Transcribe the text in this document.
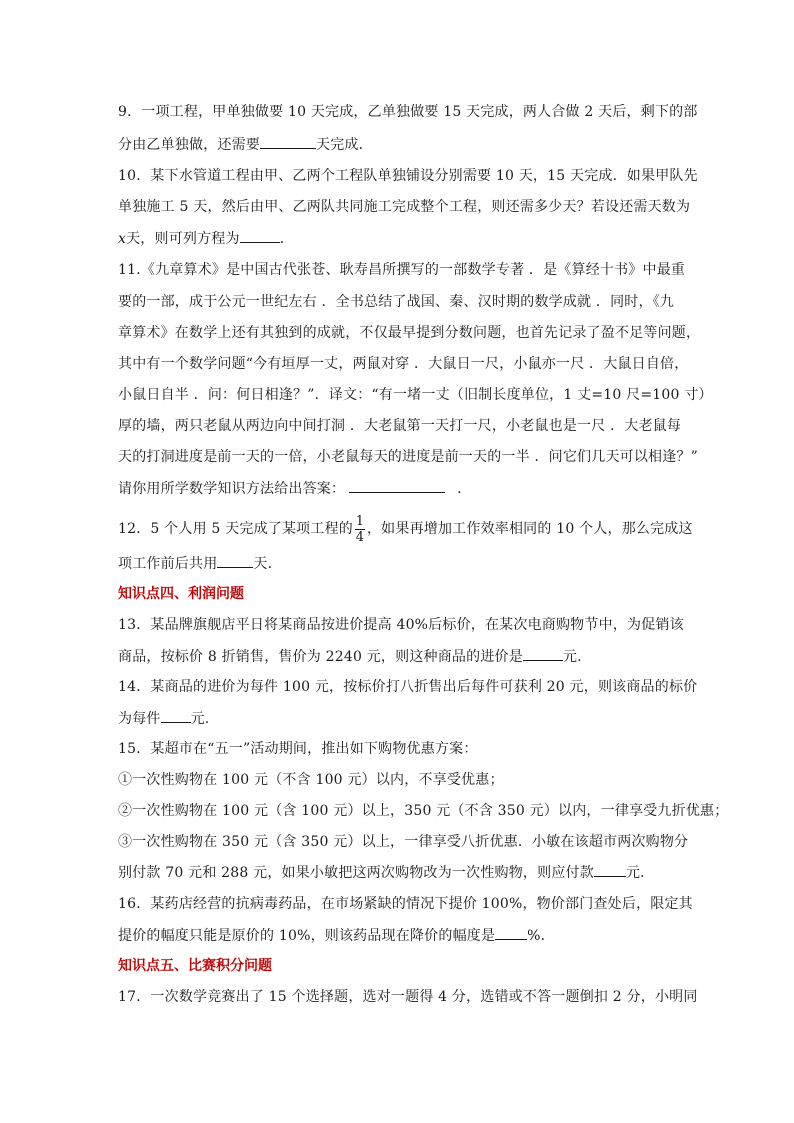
9．一项工程，甲单独做要 10 天完成，乙单独做要 15 天完成，两人合做 2 天后，剩下的部
分由乙单独做，还需要	天完成．
10．某下水管道工程由甲、乙两个工程队单独铺设分别需要 10 天，15 天完成．如果甲队先
单独施工 5 天，然后由甲、乙两队共同施工完成整个工程，则还需多少天？若设还需天数为
x天，则可列方程为	．
11.《九章算术》是中国古代张苍、耿寿昌所撰写的一部数学专著 ．是《算经十书》中最重
要的一部，成于公元一世纪左右 ．全书总结了战国、秦、汉时期的数学成就 ．同时，《九
章算术》在数学上还有其独到的成就，不仅最早提到分数问题，也首先记录了盈不足等问题，
其中有一个数学问题“今有垣厚一丈，两鼠对穿 ．大鼠日一尺，小鼠亦一尺 ．大鼠日自倍，
小鼠日自半 ．问：何日相逢？”．译文：“有一堵一丈（旧制长度单位，1 丈=10 尺=100 寸）
厚的墙，两只老鼠从两边向中间打洞 ．大老鼠第一天打一尺，小老鼠也是一尺 ．大老鼠每
天的打洞进度是前一天的一倍，小老鼠每天的进度是前一天的一半 ．问它们几天可以相逢？”
请你用所学数学知识方法给出答案：	．
12．5 个人用 5 天完成了某项工程的 $\frac{1}{4}$ ，如果再增加工作效率相同的 10 个人，那么完成这
项工作前后共用	天．
知识点四、利润问题
13．某品牌旗舰店平日将某商品按进价提高 40%后标价，在某次电商购物节中，为促销该
商品，按标价 8 折销售，售价为 2240 元，则这种商品的进价是	元.
14．某商品的进价为每件 100 元，按标价打八折售出后每件可获利 20 元，则该商品的标价
为每件 元.
15．某超市在“五一”活动期间，推出如下购物优惠方案：
①一次性购物在 100 元（不含 100 元）以内，不享受优惠；
②一次性购物在 100 元（含 100 元）以上，350 元（不含 350 元）以内，一律享受九折优惠；
③一次性购物在 350 元（含 350 元）以上，一律享受八折优惠．小敏在该超市两次购物分
别付款 70 元和 288 元，如果小敏把这两次购物改为一次性购物，则应付款 元．
16．某药店经营的抗病毒药品，在市场紧缺的情况下提价 100%，物价部门查处后，限定其
提价的幅度只能是原价的 10%，则该药品现在降价的幅度是 %．
知识点五、比赛积分问题
17．一次数学竞赛出了 15 个选择题，选对一题得 4 分，选错或不答一题倒扣 2 分，小明同
